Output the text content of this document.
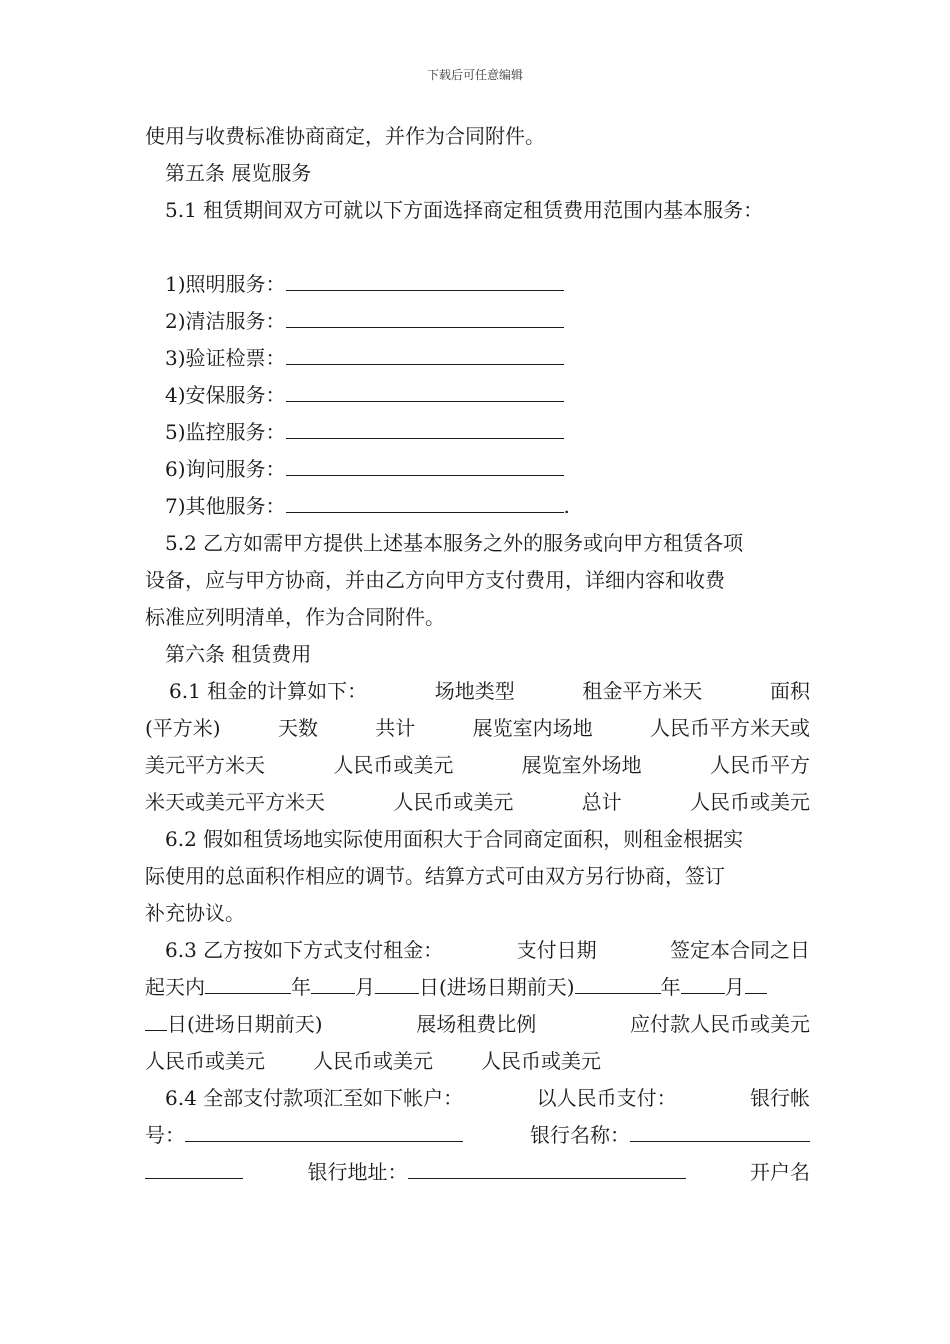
下载后可任意编辑
使用与收费标准协商商定，并作为合同附件。
第五条 展览服务
5.1 租赁期间双方可就以下方面选择商定租赁费用范围内基本服务：
1)照明服务：
2)清洁服务：
3)验证检票：
4)安保服务：
5)监控服务：
6)询问服务：
7)其他服务：	.
5.2 乙方如需甲方提供上述基本服务之外的服务或向甲方租赁各项
设备，应与甲方协商，并由乙方向甲方支付费用，详细内容和收费
标准应列明清单，作为合同附件。
第六条 租赁费用
6.1 租金的计算如下：	场地类型	租金平方米天	面积
(平方米)	天数	共计	展览室内场地	人民币平方米天或
美元平方米天	人民币或美元	展览室外场地	人民币平方
米天或美元平方米天	人民币或美元	总计	人民币或美元
6.2 假如租赁场地实际使用面积大于合同商定面积，则租金根据实
际使用的总面积作相应的调节。结算方式可由双方另行协商，签订
补充协议。
6.3 乙方按如下方式支付租金：	支付日期	签定本合同之日
起天内	年 月 日(进场日期前天)	年 月
日(进场日期前天)	展场租费比例	应付款人民币或美元
人民币或美元 人民币或美元 人民币或美元
6.4 全部支付款项汇至如下帐户：	以人民币支付：	银行帐
号：	银行名称：
银行地址：	开户名
